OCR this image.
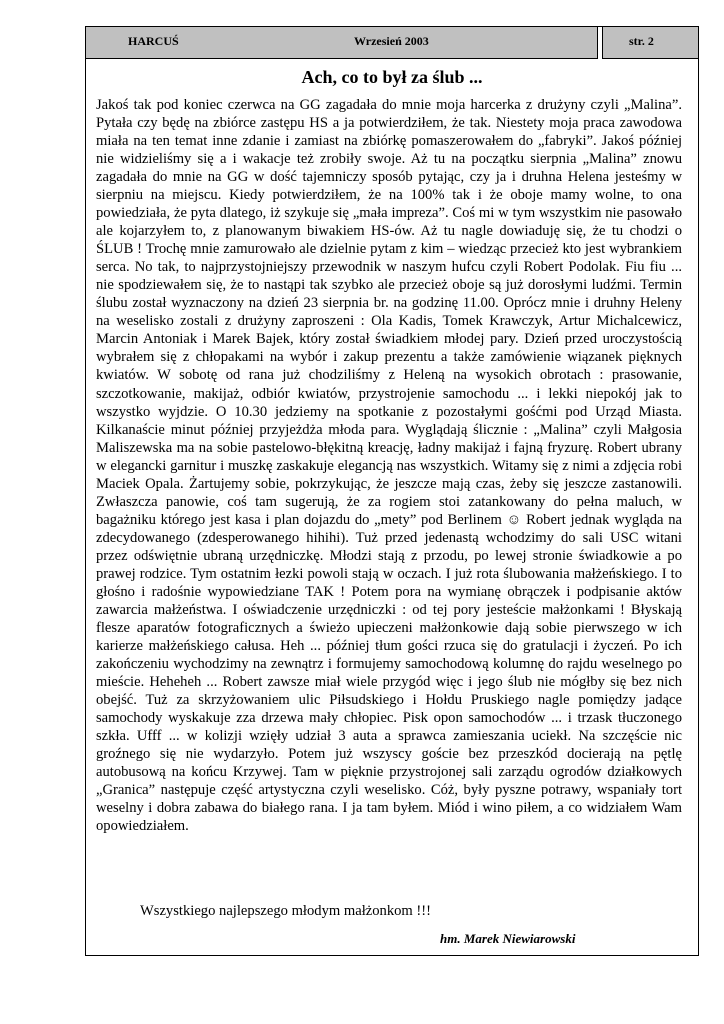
HARCUŚ	Wrzesień 2003	str. 2
Ach, co to był za ślub ...

Jakoś tak pod koniec czerwca na GG zagadała do mnie moja harcerka z drużyny czyli „Malina”. Pytała czy będę na zbiórce zastępu HS a ja potwierdziłem, że tak. Niestety moja praca zawodowa miała na ten temat inne zdanie i zamiast na zbiórkę pomaszerowałem do „fabryki”. Jakoś później nie widzieliśmy się a i wakacje też zrobiły swoje. Aż tu na początku sierpnia „Malina” znowu zagadała do mnie na GG w dość tajemniczy sposób pytając, czy ja i druhna Helena jesteśmy w sierpniu na miejscu. Kiedy potwierdziłem, że na 100% tak i że oboje mamy wolne, to ona powiedziała, że pyta dlatego, iż szykuje się „mała impreza”. Coś mi w tym wszystkim nie pasowało ale kojarzyłem to, z planowanym biwakiem HS-ów. Aż tu nagle dowiaduję się, że tu chodzi o ŚLUB ! Trochę mnie zamurowało ale dzielnie pytam z kim – wiedząc przecież kto jest wybrankiem serca. No tak, to najprzystojniejszy przewodnik w naszym hufcu czyli Robert Podolak. Fiu fiu ... nie spodziewałem się, że to nastąpi tak szybko ale przecież oboje są już dorosłymi ludźmi. Termin ślubu został wyznaczony na dzień 23 sierpnia br. na godzinę 11.00. Oprócz mnie i druhny Heleny na weselisko zostali z drużyny zaproszeni : Ola Kadis, Tomek Krawczyk, Artur Michalcewicz, Marcin Antoniak i Marek Bajek, który został świadkiem młodej pary. Dzień przed uroczystością wybrałem się z chłopakami na wybór i zakup prezentu a także zamówienie wiązanek pięknych kwiatów. W sobotę od rana już chodziliśmy z Heleną na wysokich obrotach : prasowanie, szczotkowanie, makijaż, odbiór kwiatów, przystrojenie samochodu ... i lekki niepokój jak to wszystko wyjdzie. O 10.30 jedziemy na spotkanie z pozostałymi gośćmi pod Urząd Miasta. Kilkanaście minut później przyjeżdża młoda para. Wyglądają ślicznie : „Malina” czyli Małgosia Maliszewska ma na sobie pastelowo-błękitną kreację, ładny makijaż i fajną fryzurę. Robert ubrany w elegancki garnitur i muszkę zaskakuje elegancją nas wszystkich. Witamy się z nimi a zdjęcia robi Maciek Opala. Żartujemy sobie, pokrzykując, że jeszcze mają czas, żeby się jeszcze zastanowili. Zwłaszcza panowie, coś tam sugerują, że za rogiem stoi zatankowany do pełna maluch, w bagażniku którego jest kasa i plan dojazdu do „mety” pod Berlinem ☺ Robert jednak wygląda na zdecydowanego (zdesperowanego hihihi). Tuż przed jedenastą wchodzimy do sali USC witani przez odświętnie ubraną urzędniczkę. Młodzi stają z przodu, po lewej stronie świadkowie a po prawej rodzice. Tym ostatnim łezki powoli stają w oczach. I już rota ślubowania małżeńskiego. I to głośno i radośnie wypowiedziane TAK ! Potem pora na wymianę obrączek i podpisanie aktów zawarcia małżeństwa. I oświadczenie urzędniczki : od tej pory jesteście małżonkami ! Błyskają flesze aparatów fotograficznych a świeżo upieczeni małżonkowie dają sobie pierwszego w ich karierze małżeńskiego całusa. Heh ... później tłum gości rzuca się do gratulacji i życzeń. Po ich zakończeniu wychodzimy na zewnątrz i formujemy samochodową kolumnę do rajdu weselnego po mieście. Heheheh ... Robert zawsze miał wiele przygód więc i jego ślub nie mógłby się bez nich obejść. Tuż za skrzyżowaniem ulic Piłsudskiego i Hołdu Pruskiego nagle pomiędzy jadące samochody wyskakuje zza drzewa mały chłopiec. Pisk opon samochodów ... i trzask tłuczonego szkła. Ufff ... w kolizji wzięły udział 3 auta a sprawca zamieszania uciekł. Na szczęście nic groźnego się nie wydarzyło. Potem już wszyscy goście bez przeszkód docierają na pętlę autobusową na końcu Krzywej. Tam w pięknie przystrojonej sali zarządu ogrodów działkowych „Granica” następuje część artystyczna czyli weselisko. Cóż, były pyszne potrawy, wspaniały tort weselny i dobra zabawa do białego rana. I ja tam byłem. Miód i wino piłem, a co widziałem Wam opowiedziałem.

Wszystkiego najlepszego młodym małżonkom !!!

hm. Marek Niewiarowski
